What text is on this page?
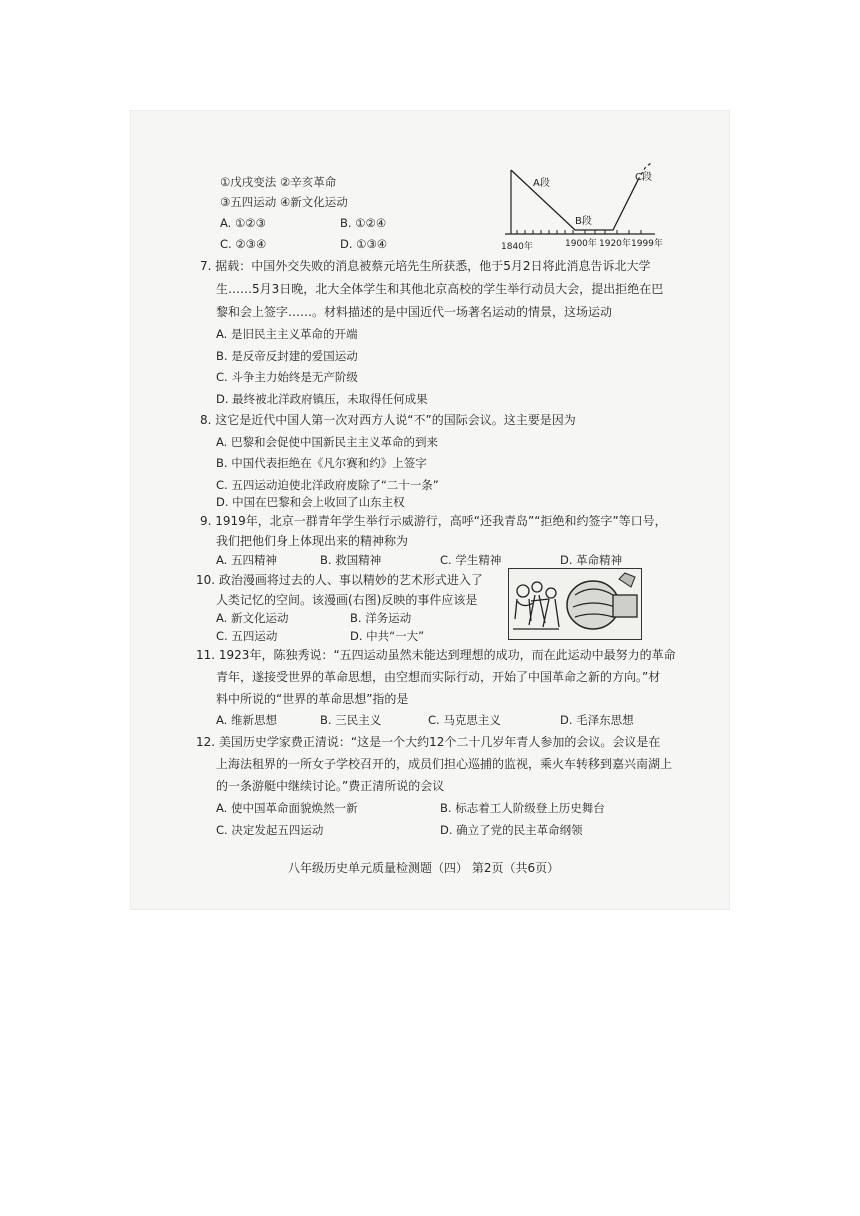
①戊戌变法 ②辛亥革命
③五四运动 ④新文化运动
A. ①②③	B. ①②④
C. ②③④	D. ①③④
A段
B段
C段
1840年	1900年 1920年 1999年
7. 据载：中国外交失败的消息被蔡元培先生所获悉，他于5月2日将此消息告诉北大学
生……5月3日晚，北大全体学生和其他北京高校的学生举行动员大会，提出拒绝在巴
黎和会上签字……。材料描述的是中国近代一场著名运动的情景，这场运动
A. 是旧民主主义革命的开端
B. 是反帝反封建的爱国运动
C. 斗争主力始终是无产阶级
D. 最终被北洋政府镇压，未取得任何成果
8. 这它是近代中国人第一次对西方人说“不”的国际会议。这主要是因为
A. 巴黎和会促使中国新民主主义革命的到来
B. 中国代表拒绝在《凡尔赛和约》上签字
C. 五四运动迫使北洋政府废除了“二十一条”
D. 中国在巴黎和会上收回了山东主权
9. 1919年，北京一群青年学生举行示威游行，高呼“还我青岛”“拒绝和约签字”等口号，
我们把他们身上体现出来的精神称为
A. 五四精神	B. 救国精神	C. 学生精神	D. 革命精神
10. 政治漫画将过去的人、事以精妙的艺术形式进入了
人类记忆的空间。该漫画(右图)反映的事件应该是
A. 新文化运动	B. 洋务运动
C. 五四运动	D. 中共“一大”
11. 1923年，陈独秀说：“五四运动虽然未能达到理想的成功，而在此运动中最努力的革命
青年，遂接受世界的革命思想，由空想而实际行动，开始了中国革命之新的方向。”材
料中所说的“世界的革命思想”指的是
A. 维新思想	B. 三民主义	C. 马克思主义	D. 毛泽东思想
12. 美国历史学家费正清说：“这是一个大约12个二十几岁年青人参加的会议。会议是在
上海法租界的一所女子学校召开的，成员们担心巡捕的监视，乘火车转移到嘉兴南湖上
的一条游艇中继续讨论。”费正清所说的会议
A. 使中国革命面貌焕然一新	B. 标志着工人阶级登上历史舞台
C. 决定发起五四运动	D. 确立了党的民主革命纲领
八年级历史单元质量检测题（四） 第2页（共6页）
